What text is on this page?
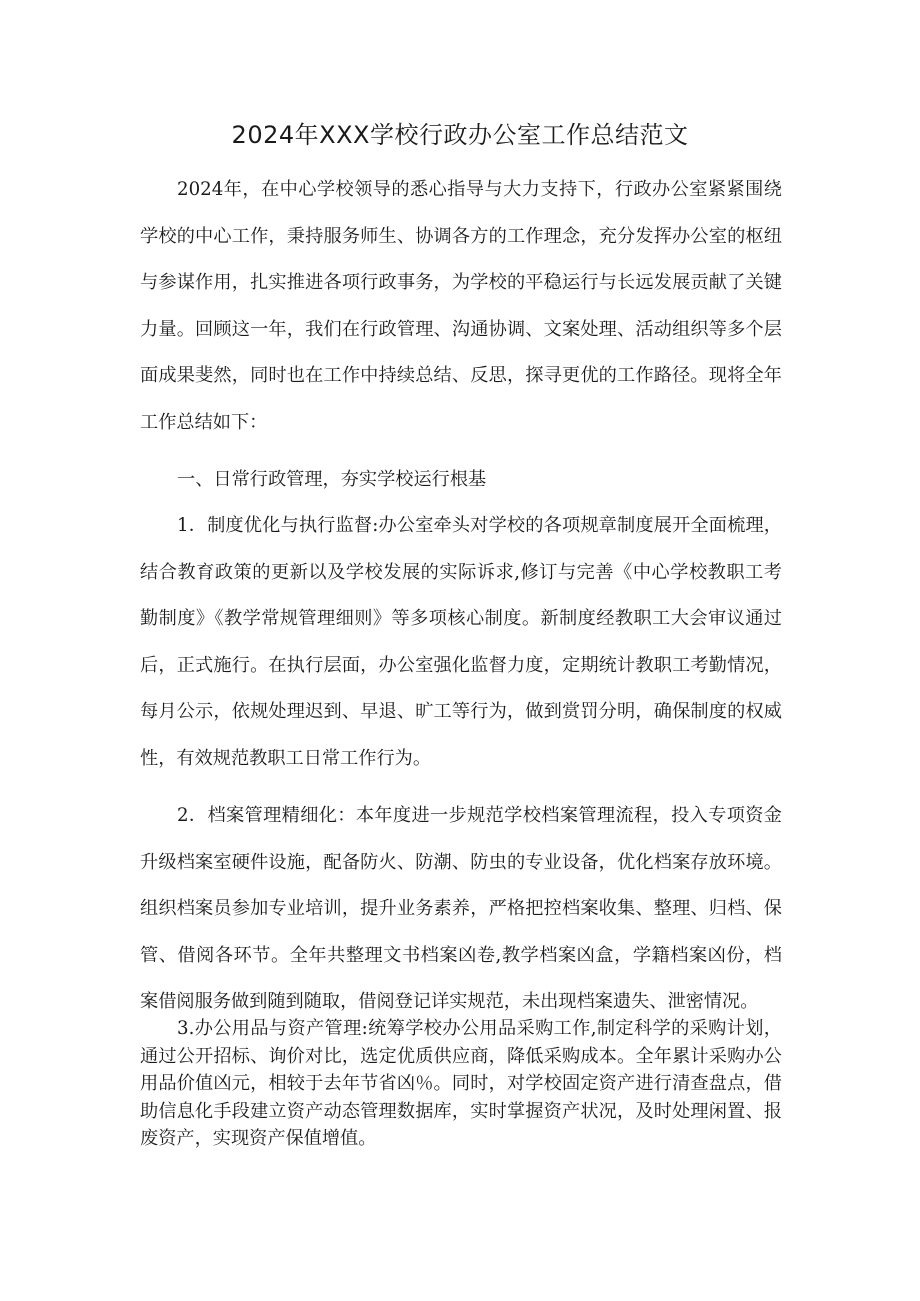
2024年XXX学校行政办公室工作总结范文

2024年，在中心学校领导的悉心指导与大力支持下，行政办公室紧紧围绕学校的中心工作，秉持服务师生、协调各方的工作理念，充分发挥办公室的枢纽与参谋作用，扎实推进各项行政事务，为学校的平稳运行与长远发展贡献了关键力量。回顾这一年，我们在行政管理、沟通协调、文案处理、活动组织等多个层面成果斐然，同时也在工作中持续总结、反思，探寻更优的工作路径。现将全年工作总结如下：

一、日常行政管理，夯实学校运行根基

1．制度优化与执行监督:办公室牵头对学校的各项规章制度展开全面梳理，结合教育政策的更新以及学校发展的实际诉求,修订与完善《中心学校教职工考勤制度》《教学常规管理细则》等多项核心制度。新制度经教职工大会审议通过后，正式施行。在执行层面，办公室强化监督力度，定期统计教职工考勤情况，每月公示，依规处理迟到、早退、旷工等行为，做到赏罚分明，确保制度的权威性，有效规范教职工日常工作行为。

2．档案管理精细化：本年度进一步规范学校档案管理流程，投入专项资金升级档案室硬件设施，配备防火、防潮、防虫的专业设备，优化档案存放环境。组织档案员参加专业培训，提升业务素养，严格把控档案收集、整理、归档、保管、借阅各环节。全年共整理文书档案凶卷,教学档案凶盒，学籍档案凶份，档案借阅服务做到随到随取，借阅登记详实规范，未出现档案遗失、泄密情况。

3.办公用品与资产管理:统筹学校办公用品采购工作,制定科学的采购计划，通过公开招标、询价对比，选定优质供应商，降低采购成本。全年累计采购办公用品价值凶元，相较于去年节省凶％。同时，对学校固定资产进行清查盘点，借助信息化手段建立资产动态管理数据库，实时掌握资产状况，及时处理闲置、报废资产，实现资产保值增值。
